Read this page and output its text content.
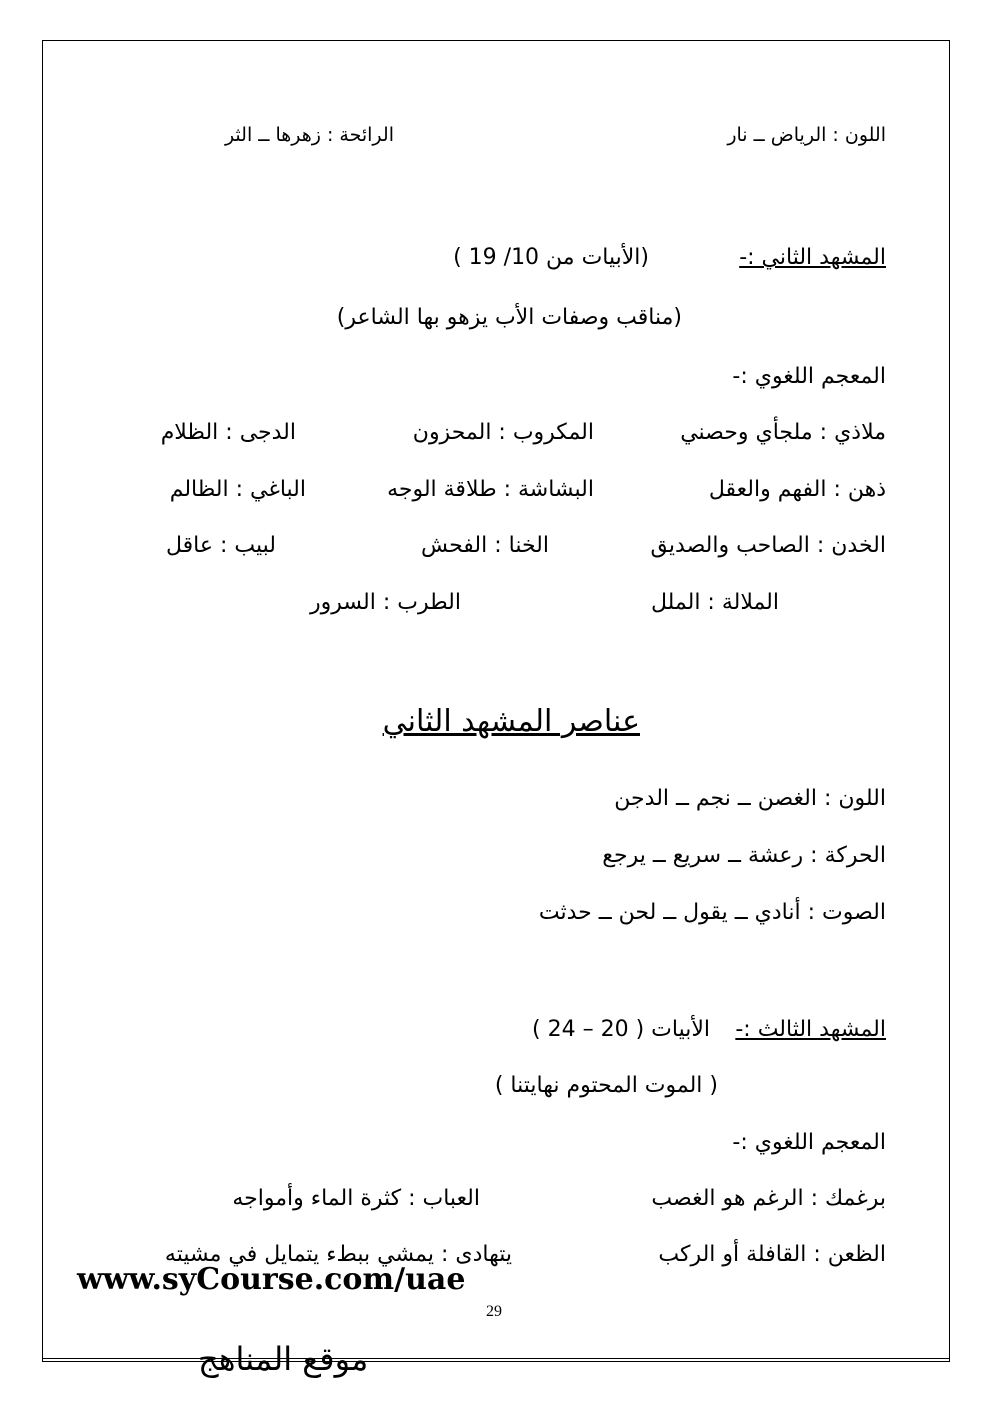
اللون : الرياض ــ نار
الرائحة : زهرها ــ الثر
المشهد الثاني :-
(الأبيات من 10/ 19 )
(مناقب وصفات الأب يزهو بها الشاعر)
المعجم اللغوي :-
ملاذي : ملجأي وحصني
المكروب : المحزون
الدجى : الظلام
ذهن : الفهم والعقل
البشاشة : طلاقة الوجه
الباغي : الظالم
الخدن : الصاحب والصديق
الخنا : الفحش
لبيب : عاقل
الملالة : الملل
الطرب : السرور
عناصر المشهد الثاني
اللون : الغصن ــ نجم ــ الدجن
الحركة : رعشة ــ سريع ــ يرجع
الصوت : أنادي ــ يقول ــ لحن ــ حدثت
المشهد الثالث :-
الأبيات ( 20 – 24 )
( الموت المحتوم نهايتنا )
المعجم اللغوي :-
برغمك : الرغم هو الغصب
العباب : كثرة الماء وأمواجه
الظعن : القافلة أو الركب
يتهادى : يمشي ببطء يتمايل في مشيته
www.syCourse.com/uae
29
موقع المناهج
